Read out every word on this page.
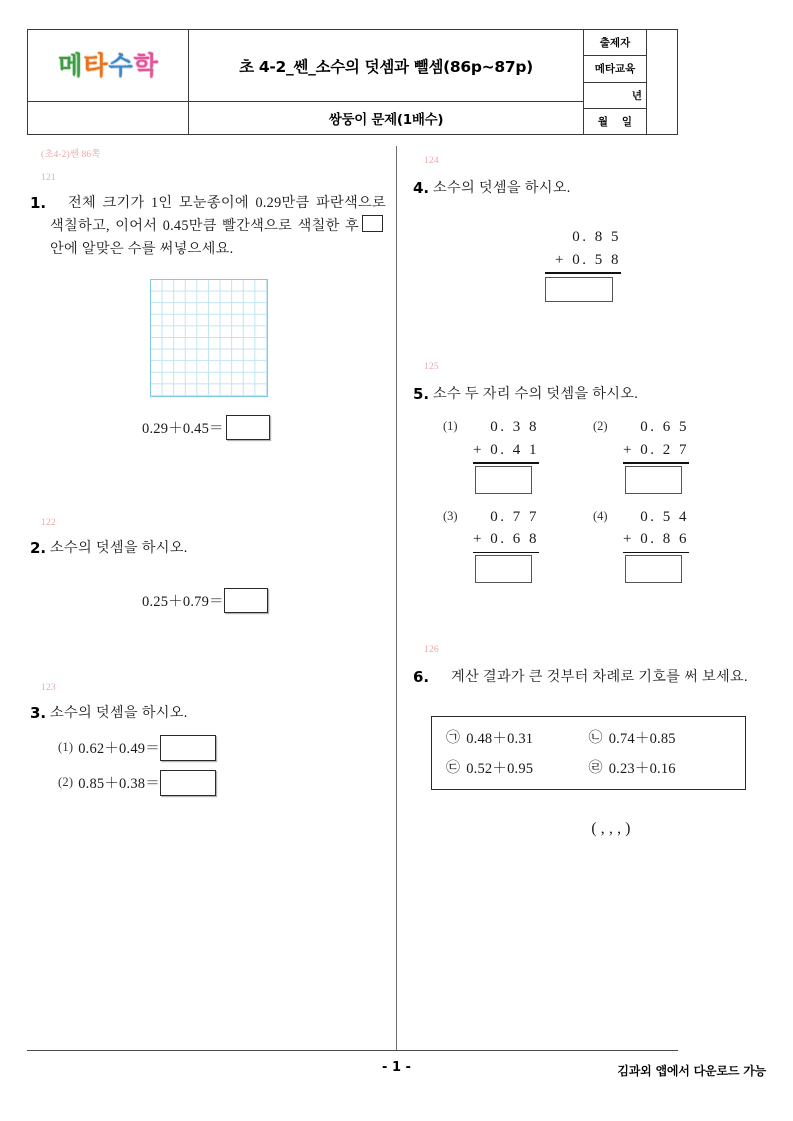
메 타 수 학	초 4-2_쎈_소수의 덧셈과 뺄셈(86p~87p)
쌍둥이 문제(1배수)
출제자
메타교육
년
월 일
(초4-2)쎈 86쪽
121
1.	전체 크기가 1인 모눈종이에 0.29만큼 파란색으로 색칠하고, 이어서 0.45만큼 빨간색으로 색칠한 후안에 알맞은 수를 써넣으세요.
0.29＋0.45＝
122
2. 소수의 덧셈을 하시오.
0.25＋0.79＝
123
3. 소수의 덧셈을 하시오.
(1) 0.62＋0.49＝
(2) 0.85＋0.38＝
124
4. 소수의 덧셈을 하시오.
0. 8 5
+ 0. 5 8
125
5. 소수 두 자리 수의 덧셈을 하시오.
(1)	0. 3 8
+ 0. 4 1
(2)	0. 6 5
+ 0. 2 7
(3)	0. 7 7
+ 0. 6 8
(4)	0. 5 4
+ 0. 8 6
126
6.	계산 결과가 큰 것부터 차례로 기호를 써 보세요.
㉠ 0.48＋0.31	㉡ 0.74＋0.85
㉢ 0.52＋0.95	㉣ 0.23＋0.16
( , , , )
- 1 -	김과외 앱에서 다운로드 가능
